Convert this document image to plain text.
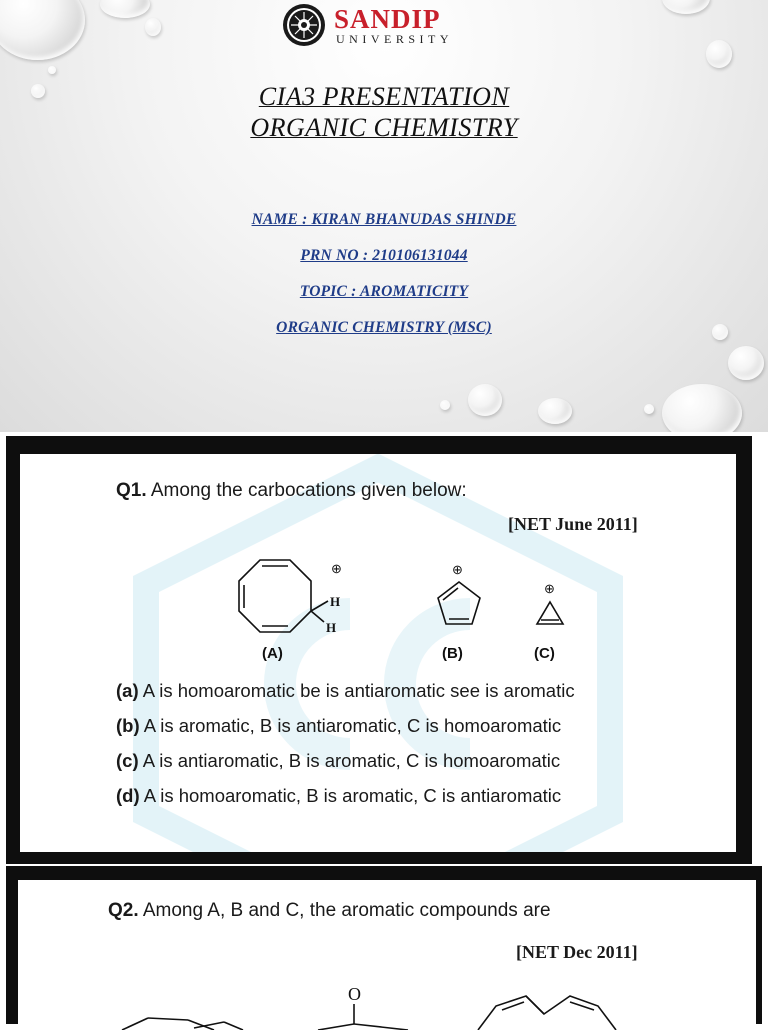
SANDIP
UNIVERSITY
CIA3 PRESENTATION
ORGANIC CHEMISTRY
NAME : KIRAN BHANUDAS SHINDE
PRN NO : 210106131044
TOPIC : AROMATICITY
ORGANIC CHEMISTRY (MSC)
Q1. Among the carbocations given below:
[NET June 2011]
⊕	⊕
⊕
H
H
(A)	(B)	(C)
(a) A is homoaromatic be is antiaromatic see is aromatic
(b) A is aromatic, B is antiaromatic, C is homoaromatic
(c) A is antiaromatic, B is aromatic, C is homoaromatic
(d) A is homoaromatic, B is aromatic, C is antiaromatic
Q2. Among A, B and C, the aromatic compounds are
[NET Dec 2011]
O
